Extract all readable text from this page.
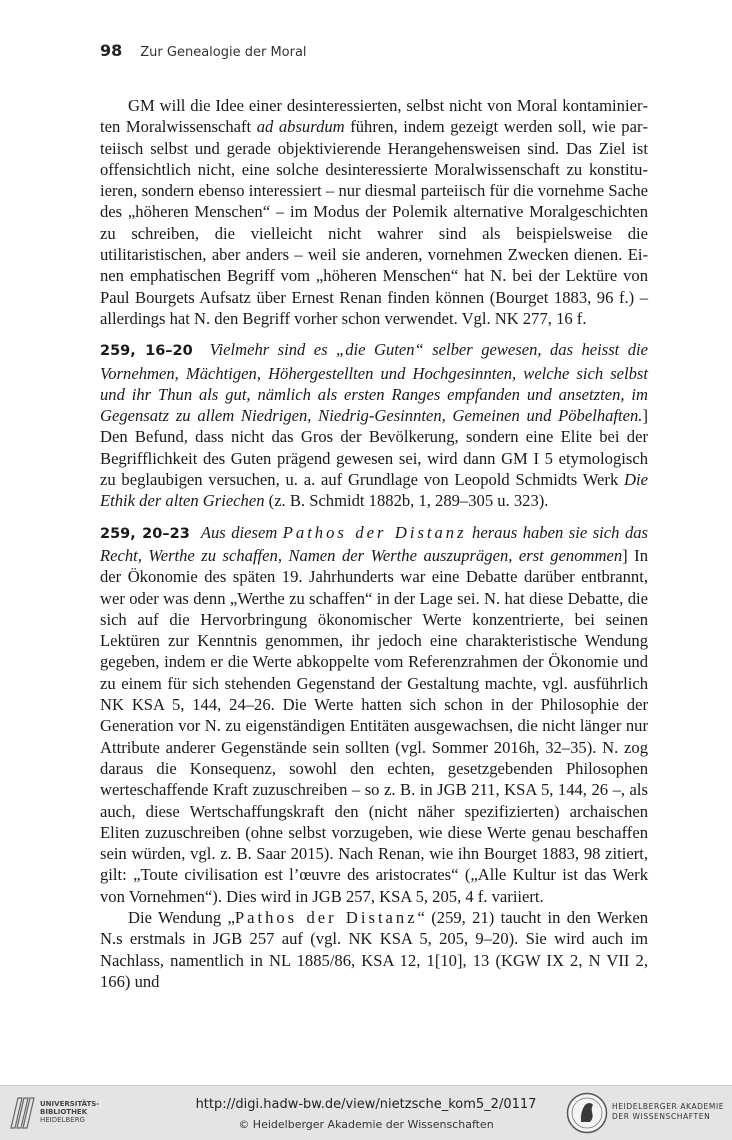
98 Zur Genealogie der Moral

GM will die Idee einer desinteressierten, selbst nicht von Moral kontaminierten Moralwissenschaft ad absurdum führen, indem gezeigt werden soll, wie parteiisch selbst und gerade objektivierende Herangehensweisen sind. Das Ziel ist offensichtlich nicht, eine solche desinteressierte Moralwissenschaft zu konstituieren, sondern ebenso interessiert – nur diesmal parteiisch für die vornehme Sache des „höheren Menschen“ – im Modus der Polemik alternative Moralgeschichten zu schreiben, die vielleicht nicht wahrer sind als beispielsweise die utilitaristischen, aber anders – weil sie anderen, vornehmen Zwecken dienen. Einen emphatischen Begriff vom „höheren Menschen“ hat N. bei der Lektüre von Paul Bourgets Aufsatz über Ernest Renan finden können (Bourget 1883, 96 f.) – allerdings hat N. den Begriff vorher schon verwendet. Vgl. NK 277, 16 f.

259, 16–20 Vielmehr sind es „die Guten“ selber gewesen, das heisst die Vornehmen, Mächtigen, Höhergestellten und Hochgesinnten, welche sich selbst und ihr Thun als gut, nämlich als ersten Ranges empfanden und ansetzten, im Gegensatz zu allem Niedrigen, Niedrig-Gesinnten, Gemeinen und Pöbelhaften.] Den Befund, dass nicht das Gros der Bevölkerung, sondern eine Elite bei der Begrifflichkeit des Guten prägend gewesen sei, wird dann GM I 5 etymologisch zu beglaubigen versuchen, u. a. auf Grundlage von Leopold Schmidts Werk Die Ethik der alten Griechen (z. B. Schmidt 1882b, 1, 289–305 u. 323).

259, 20–23 Aus diesem Pathos der Distanz heraus haben sie sich das Recht, Werthe zu schaffen, Namen der Werthe auszuprägen, erst genommen] In der Ökonomie des späten 19. Jahrhunderts war eine Debatte darüber entbrannt, wer oder was denn „Werthe zu schaffen“ in der Lage sei. N. hat diese Debatte, die sich auf die Hervorbringung ökonomischer Werte konzentrierte, bei seinen Lektüren zur Kenntnis genommen, ihr jedoch eine charakteristische Wendung gegeben, indem er die Werte abkoppelte vom Referenzrahmen der Ökonomie und zu einem für sich stehenden Gegenstand der Gestaltung machte, vgl. ausführlich NK KSA 5, 144, 24–26. Die Werte hatten sich schon in der Philosophie der Generation vor N. zu eigenständigen Entitäten ausgewachsen, die nicht länger nur Attribute anderer Gegenstände sein sollten (vgl. Sommer 2016h, 32–35). N. zog daraus die Konsequenz, sowohl den echten, gesetzgebenden Philosophen werteschaffende Kraft zuzuschreiben – so z. B. in JGB 211, KSA 5, 144, 26 –, als auch, diese Wertschaffungskraft den (nicht näher spezifizierten) archaischen Eliten zuzuschreiben (ohne selbst vorzugeben, wie diese Werte genau beschaffen sein würden, vgl. z. B. Saar 2015). Nach Renan, wie ihn Bourget 1883, 98 zitiert, gilt: „Toute civilisation est l’œuvre des aristocrates“ („Alle Kultur ist das Werk von Vornehmen“). Dies wird in JGB 257, KSA 5, 205, 4 f. variiert.

Die Wendung „Pathos der Distanz“ (259, 21) taucht in den Werken N.s erstmals in JGB 257 auf (vgl. NK KSA 5, 205, 9–20). Sie wird auch im Nachlass, namentlich in NL 1885/86, KSA 12, 1[10], 13 (KGW IX 2, N VII 2, 166) und

UNIVERSITÄTS-
BIBLIOTHEK
HEIDELBERG
http://digi.hadw-bw.de/view/nietzsche_kom5_2/0117
© Heidelberger Akademie der Wissenschaften
HEIDELBERGER AKADEMIE
DER WISSENSCHAFTEN
